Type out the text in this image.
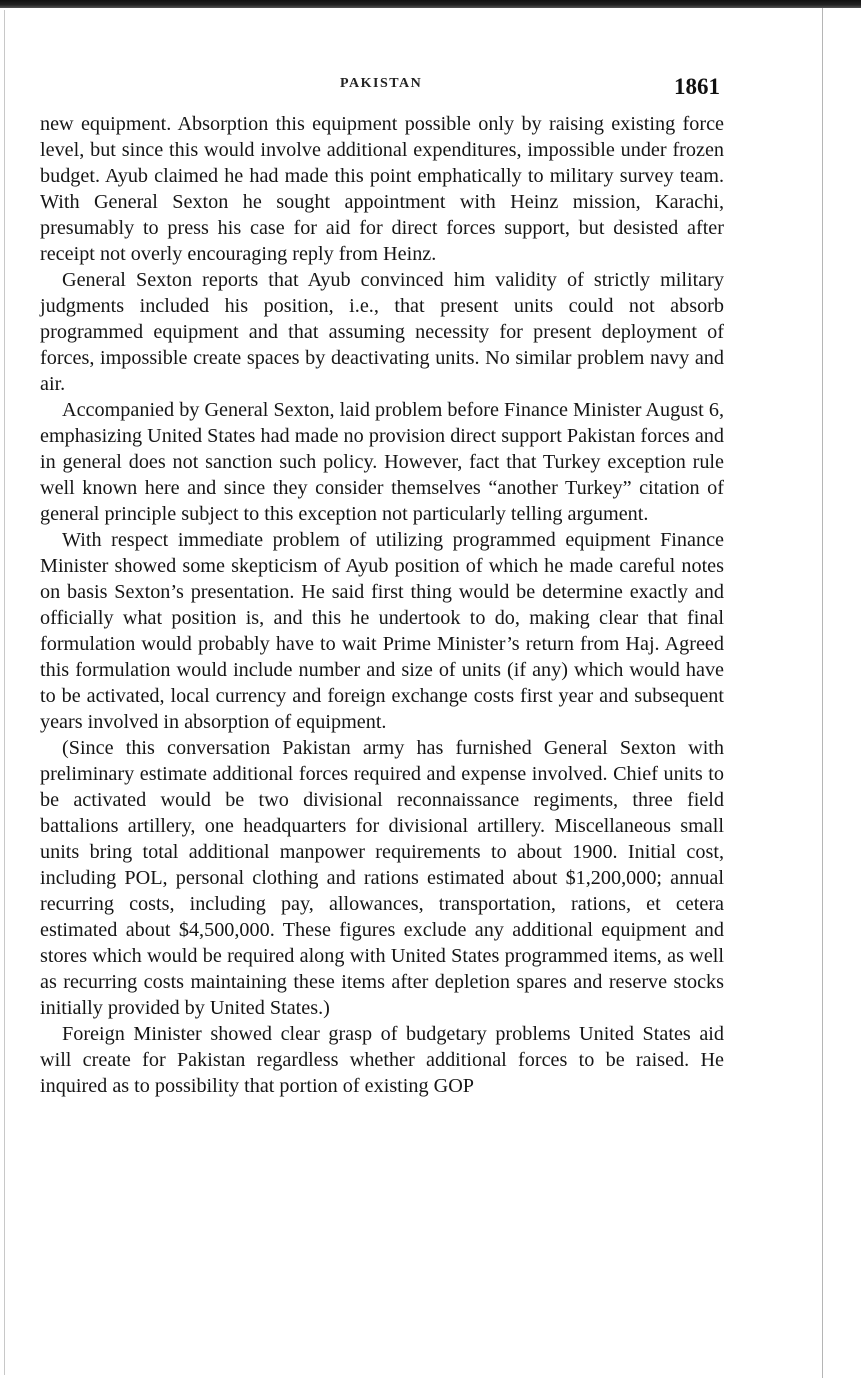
PAKISTAN	1861

new equipment. Absorption this equipment possible only by raising existing force level, but since this would involve additional expenditures, impossible under frozen budget. Ayub claimed he had made this point emphatically to military survey team. With General Sexton he sought appointment with Heinz mission, Karachi, presumably to press his case for aid for direct forces support, but desisted after receipt not overly encouraging reply from Heinz.

General Sexton reports that Ayub convinced him validity of strictly military judgments included his position, i.e., that present units could not absorb programmed equipment and that assuming necessity for present deployment of forces, impossible create spaces by deactivating units. No similar problem navy and air.

Accompanied by General Sexton, laid problem before Finance Minister August 6, emphasizing United States had made no provision direct support Pakistan forces and in general does not sanction such policy. However, fact that Turkey exception rule well known here and since they consider themselves “another Turkey” citation of general principle subject to this exception not particularly telling argument.

With respect immediate problem of utilizing programmed equipment Finance Minister showed some skepticism of Ayub position of which he made careful notes on basis Sexton’s presentation. He said first thing would be determine exactly and officially what position is, and this he undertook to do, making clear that final formulation would probably have to wait Prime Minister’s return from Haj. Agreed this formulation would include number and size of units (if any) which would have to be activated, local currency and foreign exchange costs first year and subsequent years involved in absorption of equipment.

(Since this conversation Pakistan army has furnished General Sexton with preliminary estimate additional forces required and expense involved. Chief units to be activated would be two divisional reconnaissance regiments, three field battalions artillery, one headquarters for divisional artillery. Miscellaneous small units bring total additional manpower requirements to about 1900. Initial cost, including POL, personal clothing and rations estimated about $1,200,000; annual recurring costs, including pay, allowances, transportation, rations, et cetera estimated about $4,500,000. These figures exclude any additional equipment and stores which would be required along with United States programmed items, as well as recurring costs maintaining these items after depletion spares and reserve stocks initially provided by United States.)

Foreign Minister showed clear grasp of budgetary problems United States aid will create for Pakistan regardless whether additional forces to be raised. He inquired as to possibility that portion of existing GOP
